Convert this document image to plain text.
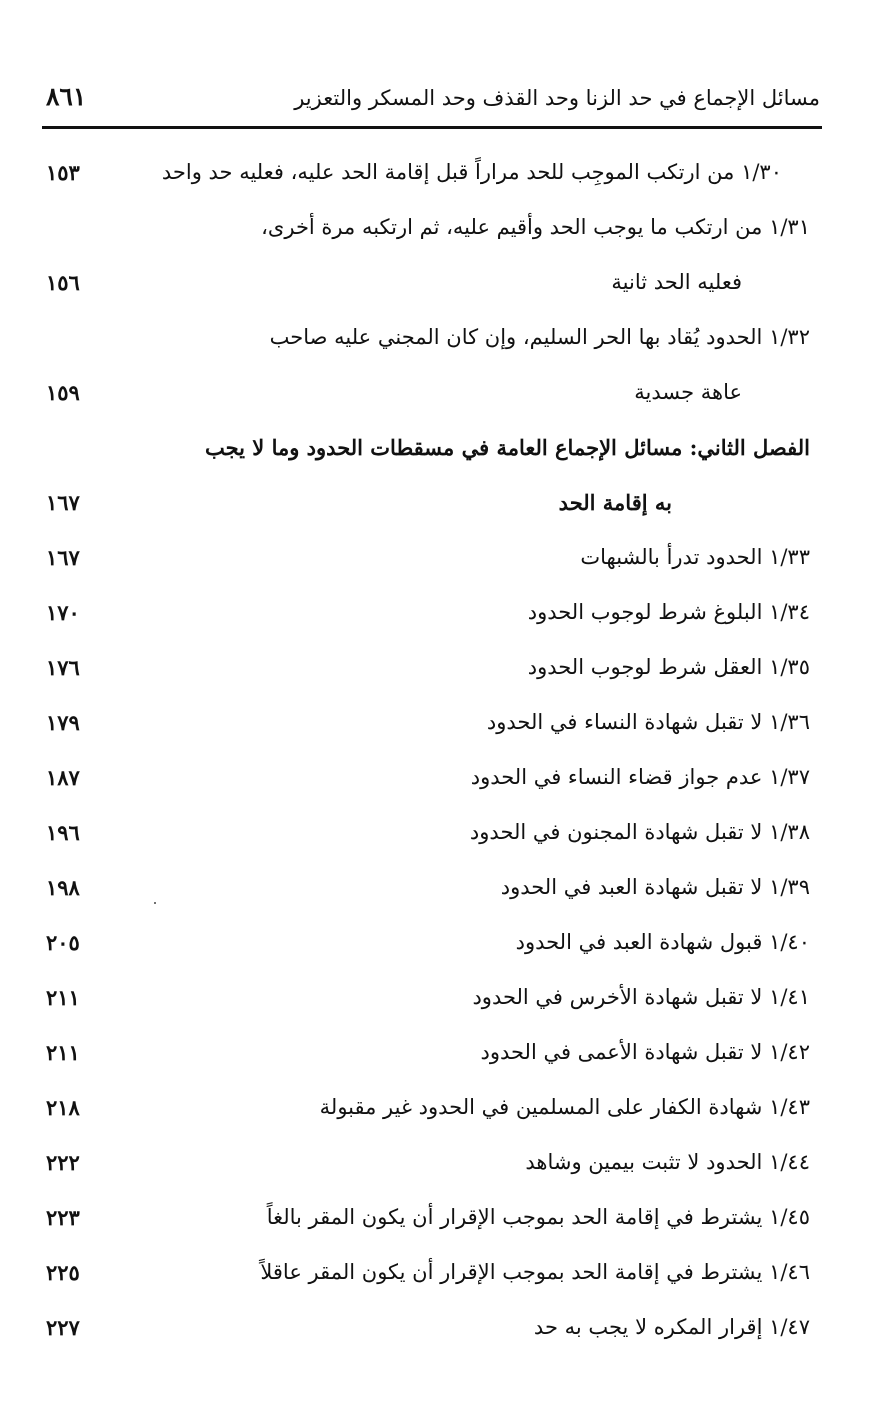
مسائل الإجماع في حد الزنا وحد القذف وحد المسكر والتعزير
٨٦١
١/٣٠ من ارتكب الموجِب للحد مراراً قبل إقامة الحد عليه، فعليه حد واحد
١٥٣
١/٣١ من ارتكب ما يوجب الحد وأقيم عليه، ثم ارتكبه مرة أخرى،
فعليه الحد ثانية
١٥٦
١/٣٢ الحدود يُقاد بها الحر السليم، وإن كان المجني عليه صاحب
عاهة جسدية
١٥٩
الفصل الثاني: مسائل الإجماع العامة في مسقطات الحدود وما لا يجب
به إقامة الحد
١٦٧
١/٣٣ الحدود تدرأ بالشبهات
١٦٧
١/٣٤ البلوغ شرط لوجوب الحدود
١٧٠
١/٣٥ العقل شرط لوجوب الحدود
١٧٦
١/٣٦ لا تقبل شهادة النساء في الحدود
١٧٩
١/٣٧ عدم جواز قضاء النساء في الحدود
١٨٧
١/٣٨ لا تقبل شهادة المجنون في الحدود
١٩٦
١/٣٩ لا تقبل شهادة العبد في الحدود
١٩٨
١/٤٠ قبول شهادة العبد في الحدود
٢٠٥
١/٤١ لا تقبل شهادة الأخرس في الحدود
٢١١
١/٤٢ لا تقبل شهادة الأعمى في الحدود
٢١١
١/٤٣ شهادة الكفار على المسلمين في الحدود غير مقبولة
٢١٨
١/٤٤ الحدود لا تثبت بيمين وشاهد
٢٢٢
١/٤٥ يشترط في إقامة الحد بموجب الإقرار أن يكون المقر بالغاً
٢٢٣
١/٤٦ يشترط في إقامة الحد بموجب الإقرار أن يكون المقر عاقلاً
٢٢٥
١/٤٧ إقرار المكره لا يجب به حد
٢٢٧
